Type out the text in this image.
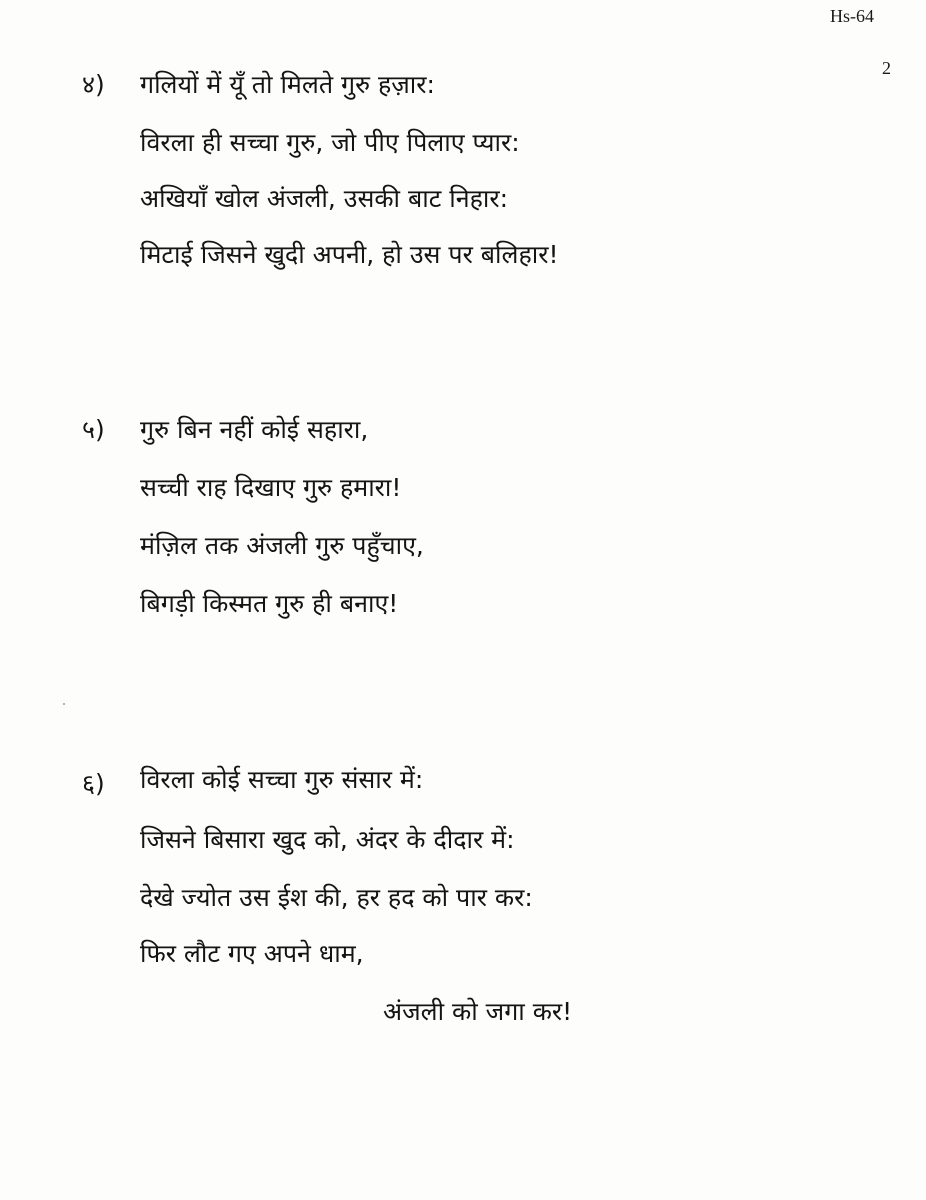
Hs-64
2
४) गलियों में यूँ तो मिलते गुरु हज़ार:
विरला ही सच्चा गुरु, जो पीए पिलाए प्यार:
अखियाँ खोल अंजली, उसकी बाट निहार:
मिटाई जिसने खुदी अपनी, हो उस पर बलिहार!
५) गुरु बिन नहीं कोई सहारा,
सच्ची राह दिखाए गुरु हमारा!
मंज़िल तक अंजली गुरु पहुँचाए,
बिगड़ी किस्मत गुरु ही बनाए!
६) विरला कोई सच्चा गुरु संसार में:
जिसने बिसारा खुद को, अंदर के दीदार में:
देखे ज्योत उस ईश की, हर हद को पार कर:
फिर लौट गए अपने धाम,
अंजली को जगा कर!
